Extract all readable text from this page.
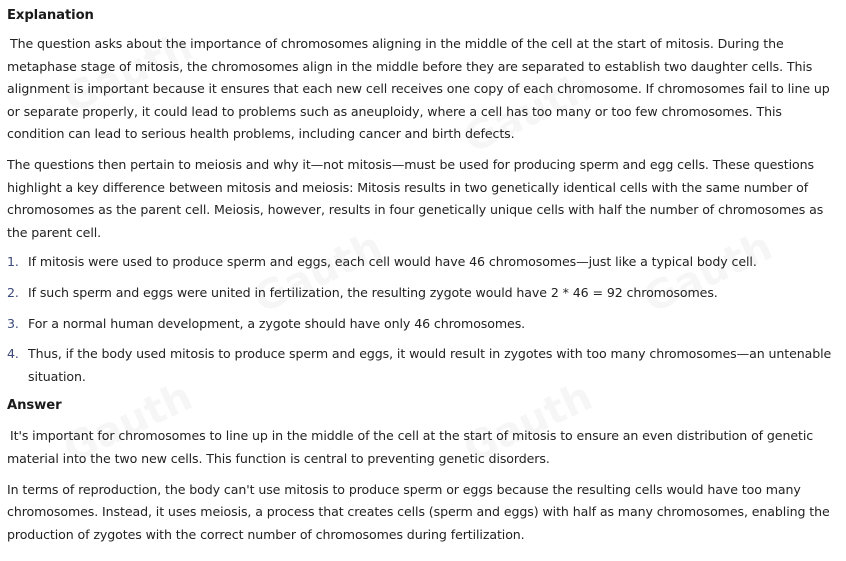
Explanation

The question asks about the importance of chromosomes aligning in the middle of the cell at the start of mitosis. During the metaphase stage of mitosis, the chromosomes align in the middle before they are separated to establish two daughter cells. This alignment is important because it ensures that each new cell receives one copy of each chromosome. If chromosomes fail to line up or separate properly, it could lead to problems such as aneuploidy, where a cell has too many or too few chromosomes. This condition can lead to serious health problems, including cancer and birth defects.

The questions then pertain to meiosis and why it—not mitosis—must be used for producing sperm and egg cells. These questions highlight a key difference between mitosis and meiosis: Mitosis results in two genetically identical cells with the same number of chromosomes as the parent cell. Meiosis, however, results in four genetically unique cells with half the number of chromosomes as the parent cell.

1. If mitosis were used to produce sperm and eggs, each cell would have 46 chromosomes—just like a typical body cell.
2. If such sperm and eggs were united in fertilization, the resulting zygote would have 2 * 46 = 92 chromosomes.
3. For a normal human development, a zygote should have only 46 chromosomes.
4. Thus, if the body used mitosis to produce sperm and eggs, it would result in zygotes with too many chromosomes—an untenable situation.
Answer

It's important for chromosomes to line up in the middle of the cell at the start of mitosis to ensure an even distribution of genetic material into the two new cells. This function is central to preventing genetic disorders.

In terms of reproduction, the body can't use mitosis to produce sperm or eggs because the resulting cells would have too many chromosomes. Instead, it uses meiosis, a process that creates cells (sperm and eggs) with half as many chromosomes, enabling the production of zygotes with the correct number of chromosomes during fertilization.
